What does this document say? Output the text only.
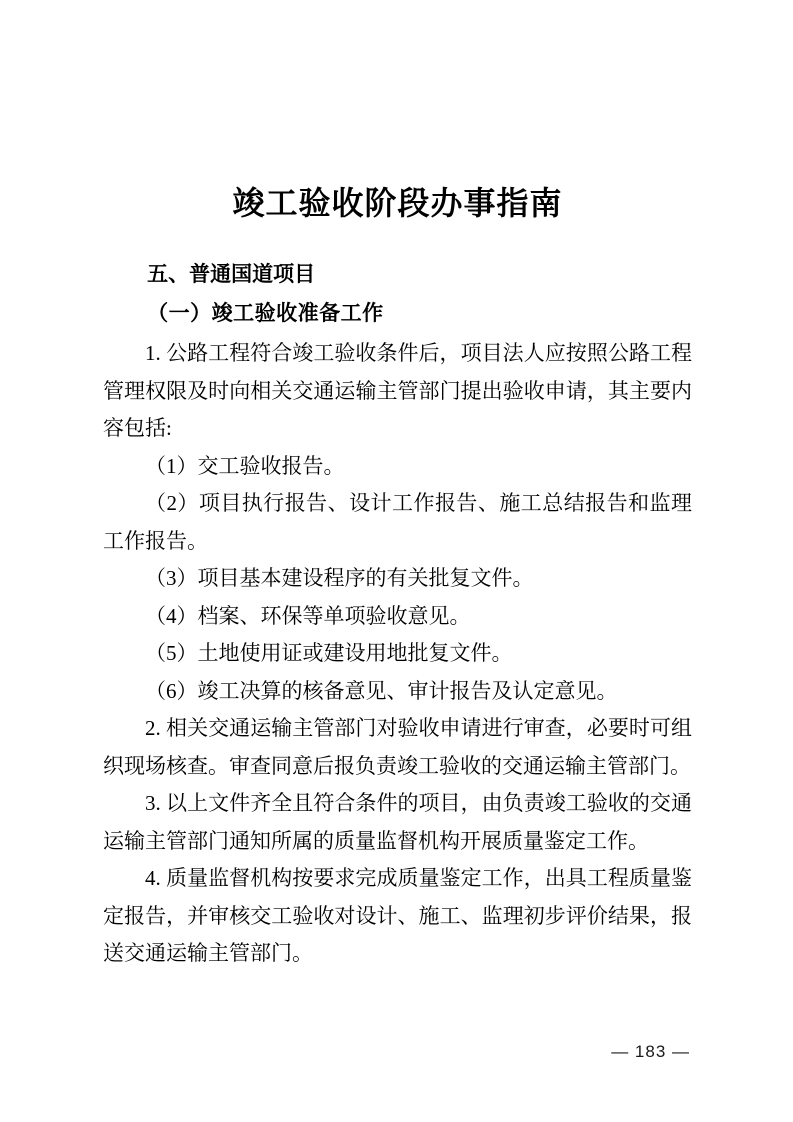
竣工验收阶段办事指南

五、普通国道项目

（一）竣工验收准备工作

1. 公路工程符合竣工验收条件后，项目法人应按照公路工程管理权限及时向相关交通运输主管部门提出验收申请，其主要内容包括:

（1）交工验收报告。

（2）项目执行报告、设计工作报告、施工总结报告和监理工作报告。

（3）项目基本建设程序的有关批复文件。

（4）档案、环保等单项验收意见。

（5）土地使用证或建设用地批复文件。

（6）竣工决算的核备意见、审计报告及认定意见。

2. 相关交通运输主管部门对验收申请进行审查，必要时可组织现场核查。审查同意后报负责竣工验收的交通运输主管部门。

3. 以上文件齐全且符合条件的项目，由负责竣工验收的交通运输主管部门通知所属的质量监督机构开展质量鉴定工作。

4. 质量监督机构按要求完成质量鉴定工作，出具工程质量鉴定报告，并审核交工验收对设计、施工、监理初步评价结果，报送交通运输主管部门。

— 183 —
